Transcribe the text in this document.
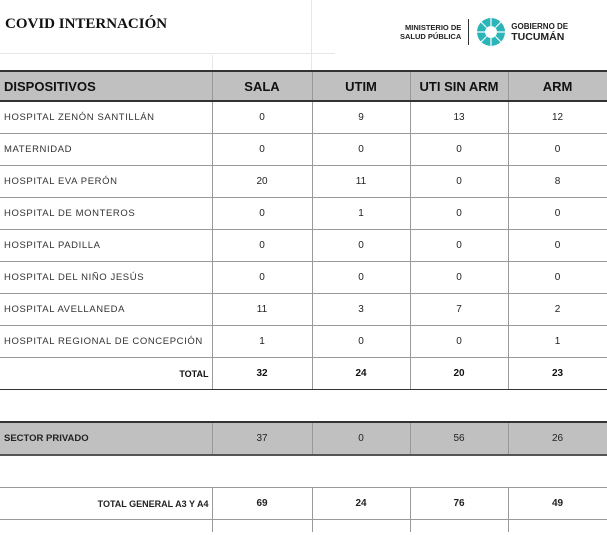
COVID INTERNACIÓN	MINISTERIO DE
SALUD PÚBLICA
GOBIERNO DE
TUCUMÁN
DISPOSITIVOS	SALA	UTIM	UTI SIN ARM	ARM
HOSPITAL ZENÓN SANTILLÁN	0	9	13	12
MATERNIDAD	0	0	0	0
HOSPITAL EVA PERÓN	20	11	0	8
HOSPITAL DE MONTEROS	0	1	0	0
HOSPITAL PADILLA	0	0	0	0
HOSPITAL DEL NIÑO JESÚS	0	0	0	0
HOSPITAL AVELLANEDA	11	3	7	2
HOSPITAL REGIONAL DE CONCEPCIÓN	1	0	0	1
TOTAL	32	24	20	23

SECTOR PRIVADO	37	0	56	26

TOTAL GENERAL A3 Y A4	69	24	76	49
